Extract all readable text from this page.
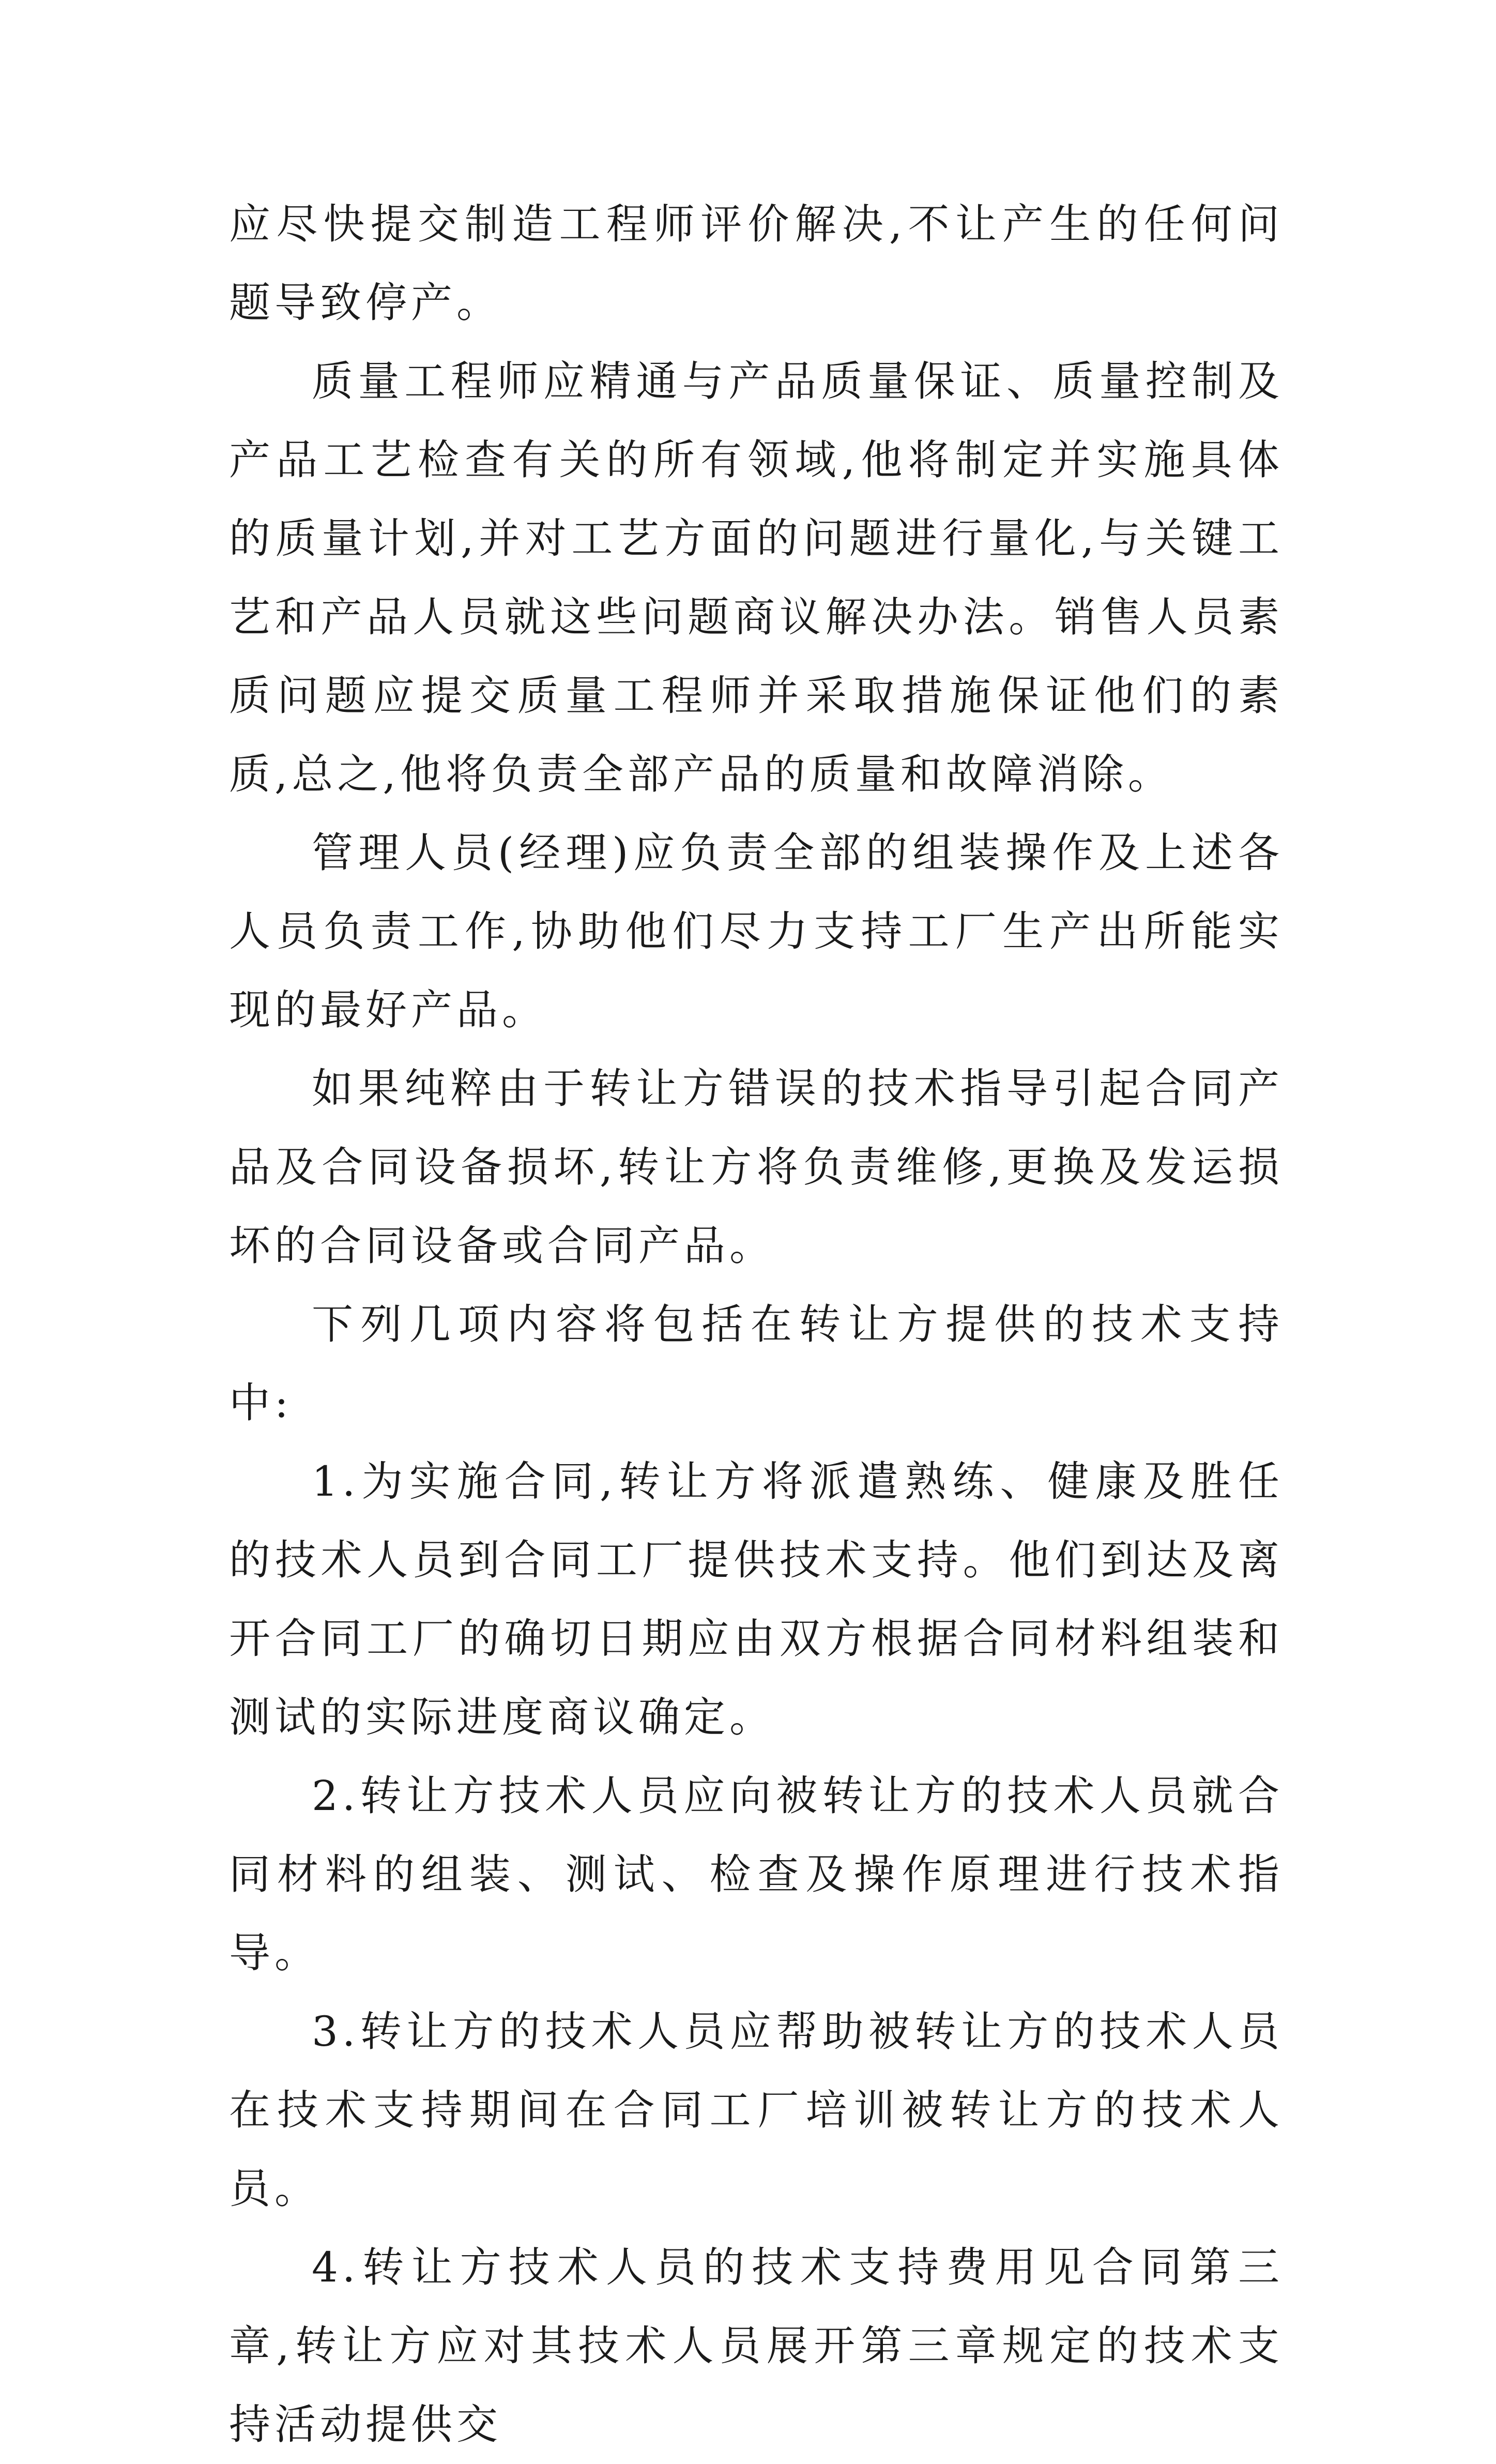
应尽快提交制造工程师评价解决,不让产生的任何问题导致停产。

质量工程师应精通与产品质量保证、质量控制及产品工艺检查有关的所有领域,他将制定并实施具体的质量计划,并对工艺方面的问题进行量化,与关键工艺和产品人员就这些问题商议解决办法。销售人员素质问题应提交质量工程师并采取措施保证他们的素质,总之,他将负责全部产品的质量和故障消除。

管理人员(经理)应负责全部的组装操作及上述各人员负责工作,协助他们尽力支持工厂生产出所能实现的最好产品。

如果纯粹由于转让方错误的技术指导引起合同产品及合同设备损坏,转让方将负责维修,更换及发运损坏的合同设备或合同产品。

下列几项内容将包括在转让方提供的技术支持中:

1.为实施合同,转让方将派遣熟练、健康及胜任的技术人员到合同工厂提供技术支持。他们到达及离开合同工厂的确切日期应由双方根据合同材料组装和测试的实际进度商议确定。

2.转让方技术人员应向被转让方的技术人员就合同材料的组装、测试、检查及操作原理进行技术指导。

3.转让方的技术人员应帮助被转让方的技术人员在技术支持期间在合同工厂培训被转让方的技术人员。

4.转让方技术人员的技术支持费用见合同第三章,转让方应对其技术人员展开第三章规定的技术支持活动提供交
